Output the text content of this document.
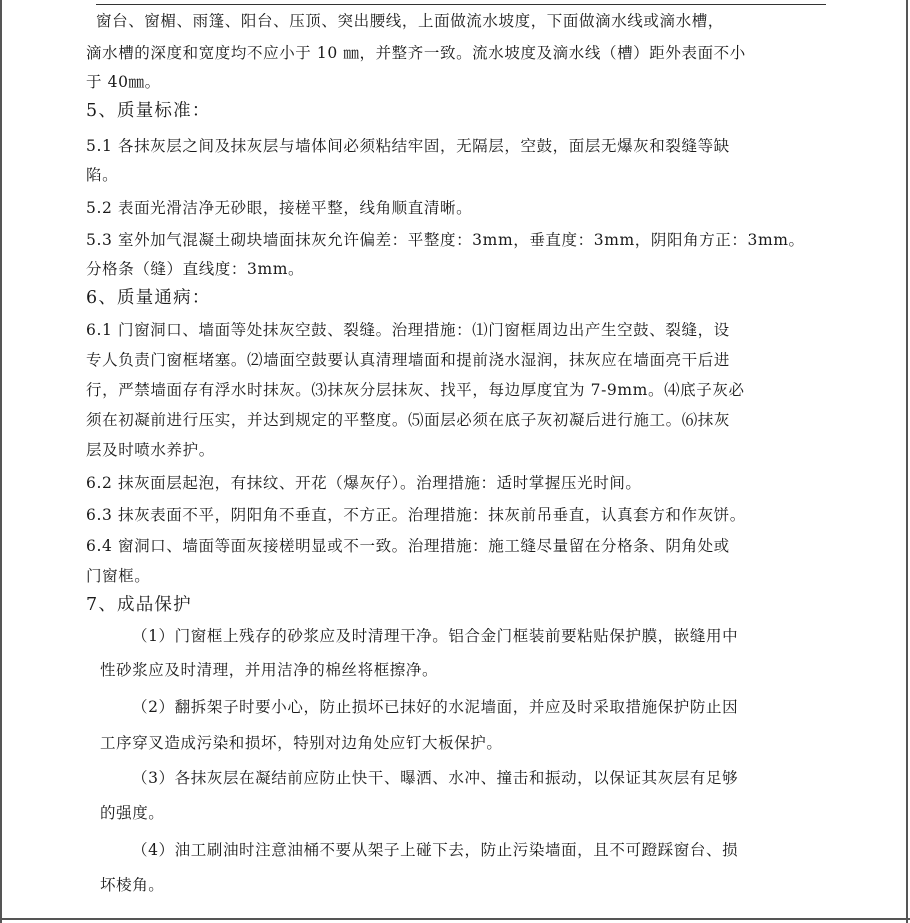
窗台、窗楣、雨篷、阳台、压顶、突出腰线，上面做流水坡度，下面做滴水线或滴水槽，
滴水槽的深度和宽度均不应小于 10 ㎜，并整齐一致。流水坡度及滴水线（槽）距外表面不小
于 40㎜。
5、质量标准：
5.1 各抹灰层之间及抹灰层与墙体间必须粘结牢固，无隔层，空鼓，面层无爆灰和裂缝等缺
陷。
5.2 表面光滑洁净无砂眼，接槎平整，线角顺直清晰。
5.3 室外加气混凝土砌块墙面抹灰允许偏差：平整度：3mm，垂直度：3mm，阴阳角方正：3mm。
分格条（缝）直线度：3mm。
6、质量通病：
6.1 门窗洞口、墙面等处抹灰空鼓、裂缝。治理措施：⑴门窗框周边出产生空鼓、裂缝，设
专人负责门窗框堵塞。⑵墙面空鼓要认真清理墙面和提前浇水湿润，抹灰应在墙面亮干后进
行，严禁墙面存有浮水时抹灰。⑶抹灰分层抹灰、找平，每边厚度宜为 7-9mm。⑷底子灰必
须在初凝前进行压实，并达到规定的平整度。⑸面层必须在底子灰初凝后进行施工。⑹抹灰
层及时喷水养护。
6.2 抹灰面层起泡，有抹纹、开花（爆灰仔）。治理措施：适时掌握压光时间。
6.3 抹灰表面不平，阴阳角不垂直，不方正。治理措施：抹灰前吊垂直，认真套方和作灰饼。
6.4 窗洞口、墙面等面灰接槎明显或不一致。治理措施：施工缝尽量留在分格条、阴角处或
门窗框。
7、成品保护
（1）门窗框上残存的砂浆应及时清理干净。铝合金门框装前要粘贴保护膜，嵌缝用中
性砂浆应及时清理，并用洁净的棉丝将框擦净。
（2）翻拆架子时要小心，防止损坏已抹好的水泥墙面，并应及时采取措施保护防止因
工序穿叉造成污染和损坏，特别对边角处应钉大板保护。
（3）各抹灰层在凝结前应防止快干、曝洒、水冲、撞击和振动，以保证其灰层有足够
的强度。
（4）油工刷油时注意油桶不要从架子上碰下去，防止污染墙面，且不可蹬踩窗台、损
坏棱角。
